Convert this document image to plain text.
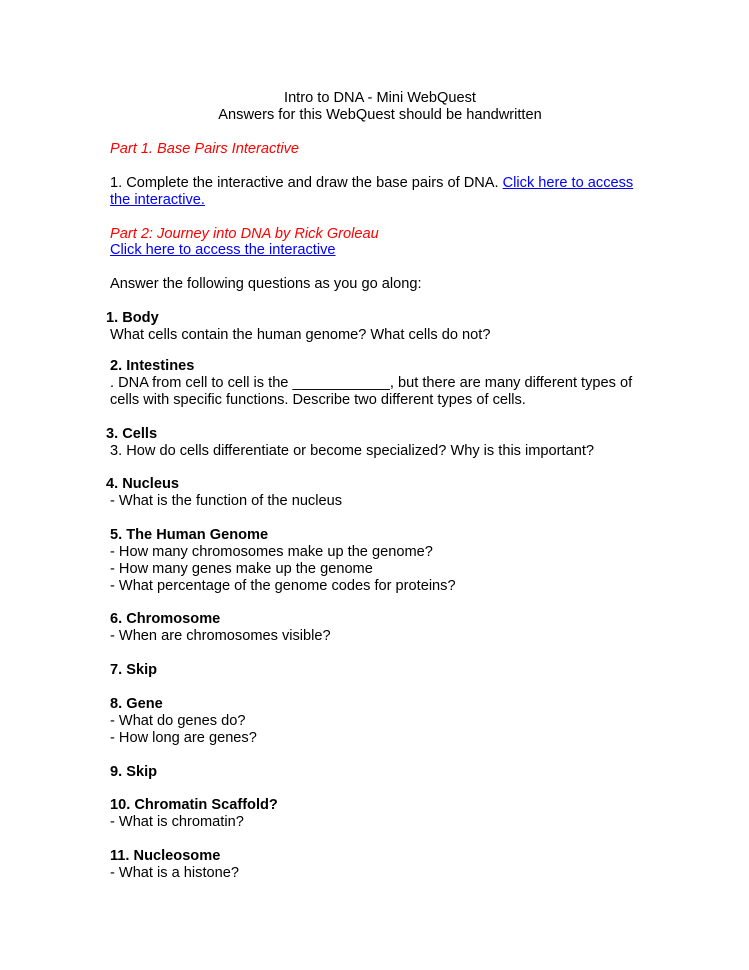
Intro to DNA - Mini WebQuest
Answers for this WebQuest should be handwritten
Part 1. Base Pairs Interactive
1. Complete the interactive and draw the base pairs of DNA. Click here to access
the interactive.
Part 2: Journey into DNA by Rick Groleau
Click here to access the interactive
Answer the following questions as you go along:
1. Body
What cells contain the human genome? What cells do not?
2. Intestines
. DNA from cell to cell is the ____________, but there are many different types of
cells with specific functions. Describe two different types of cells.
3. Cells
3. How do cells differentiate or become specialized? Why is this important?
4. Nucleus
- What is the function of the nucleus
5. The Human Genome
- How many chromosomes make up the genome?
- How many genes make up the genome
- What percentage of the genome codes for proteins?
6. Chromosome
- When are chromosomes visible?
7. Skip
8. Gene
- What do genes do?
- How long are genes?
9. Skip
10. Chromatin Scaffold?
- What is chromatin?
11. Nucleosome
- What is a histone?
